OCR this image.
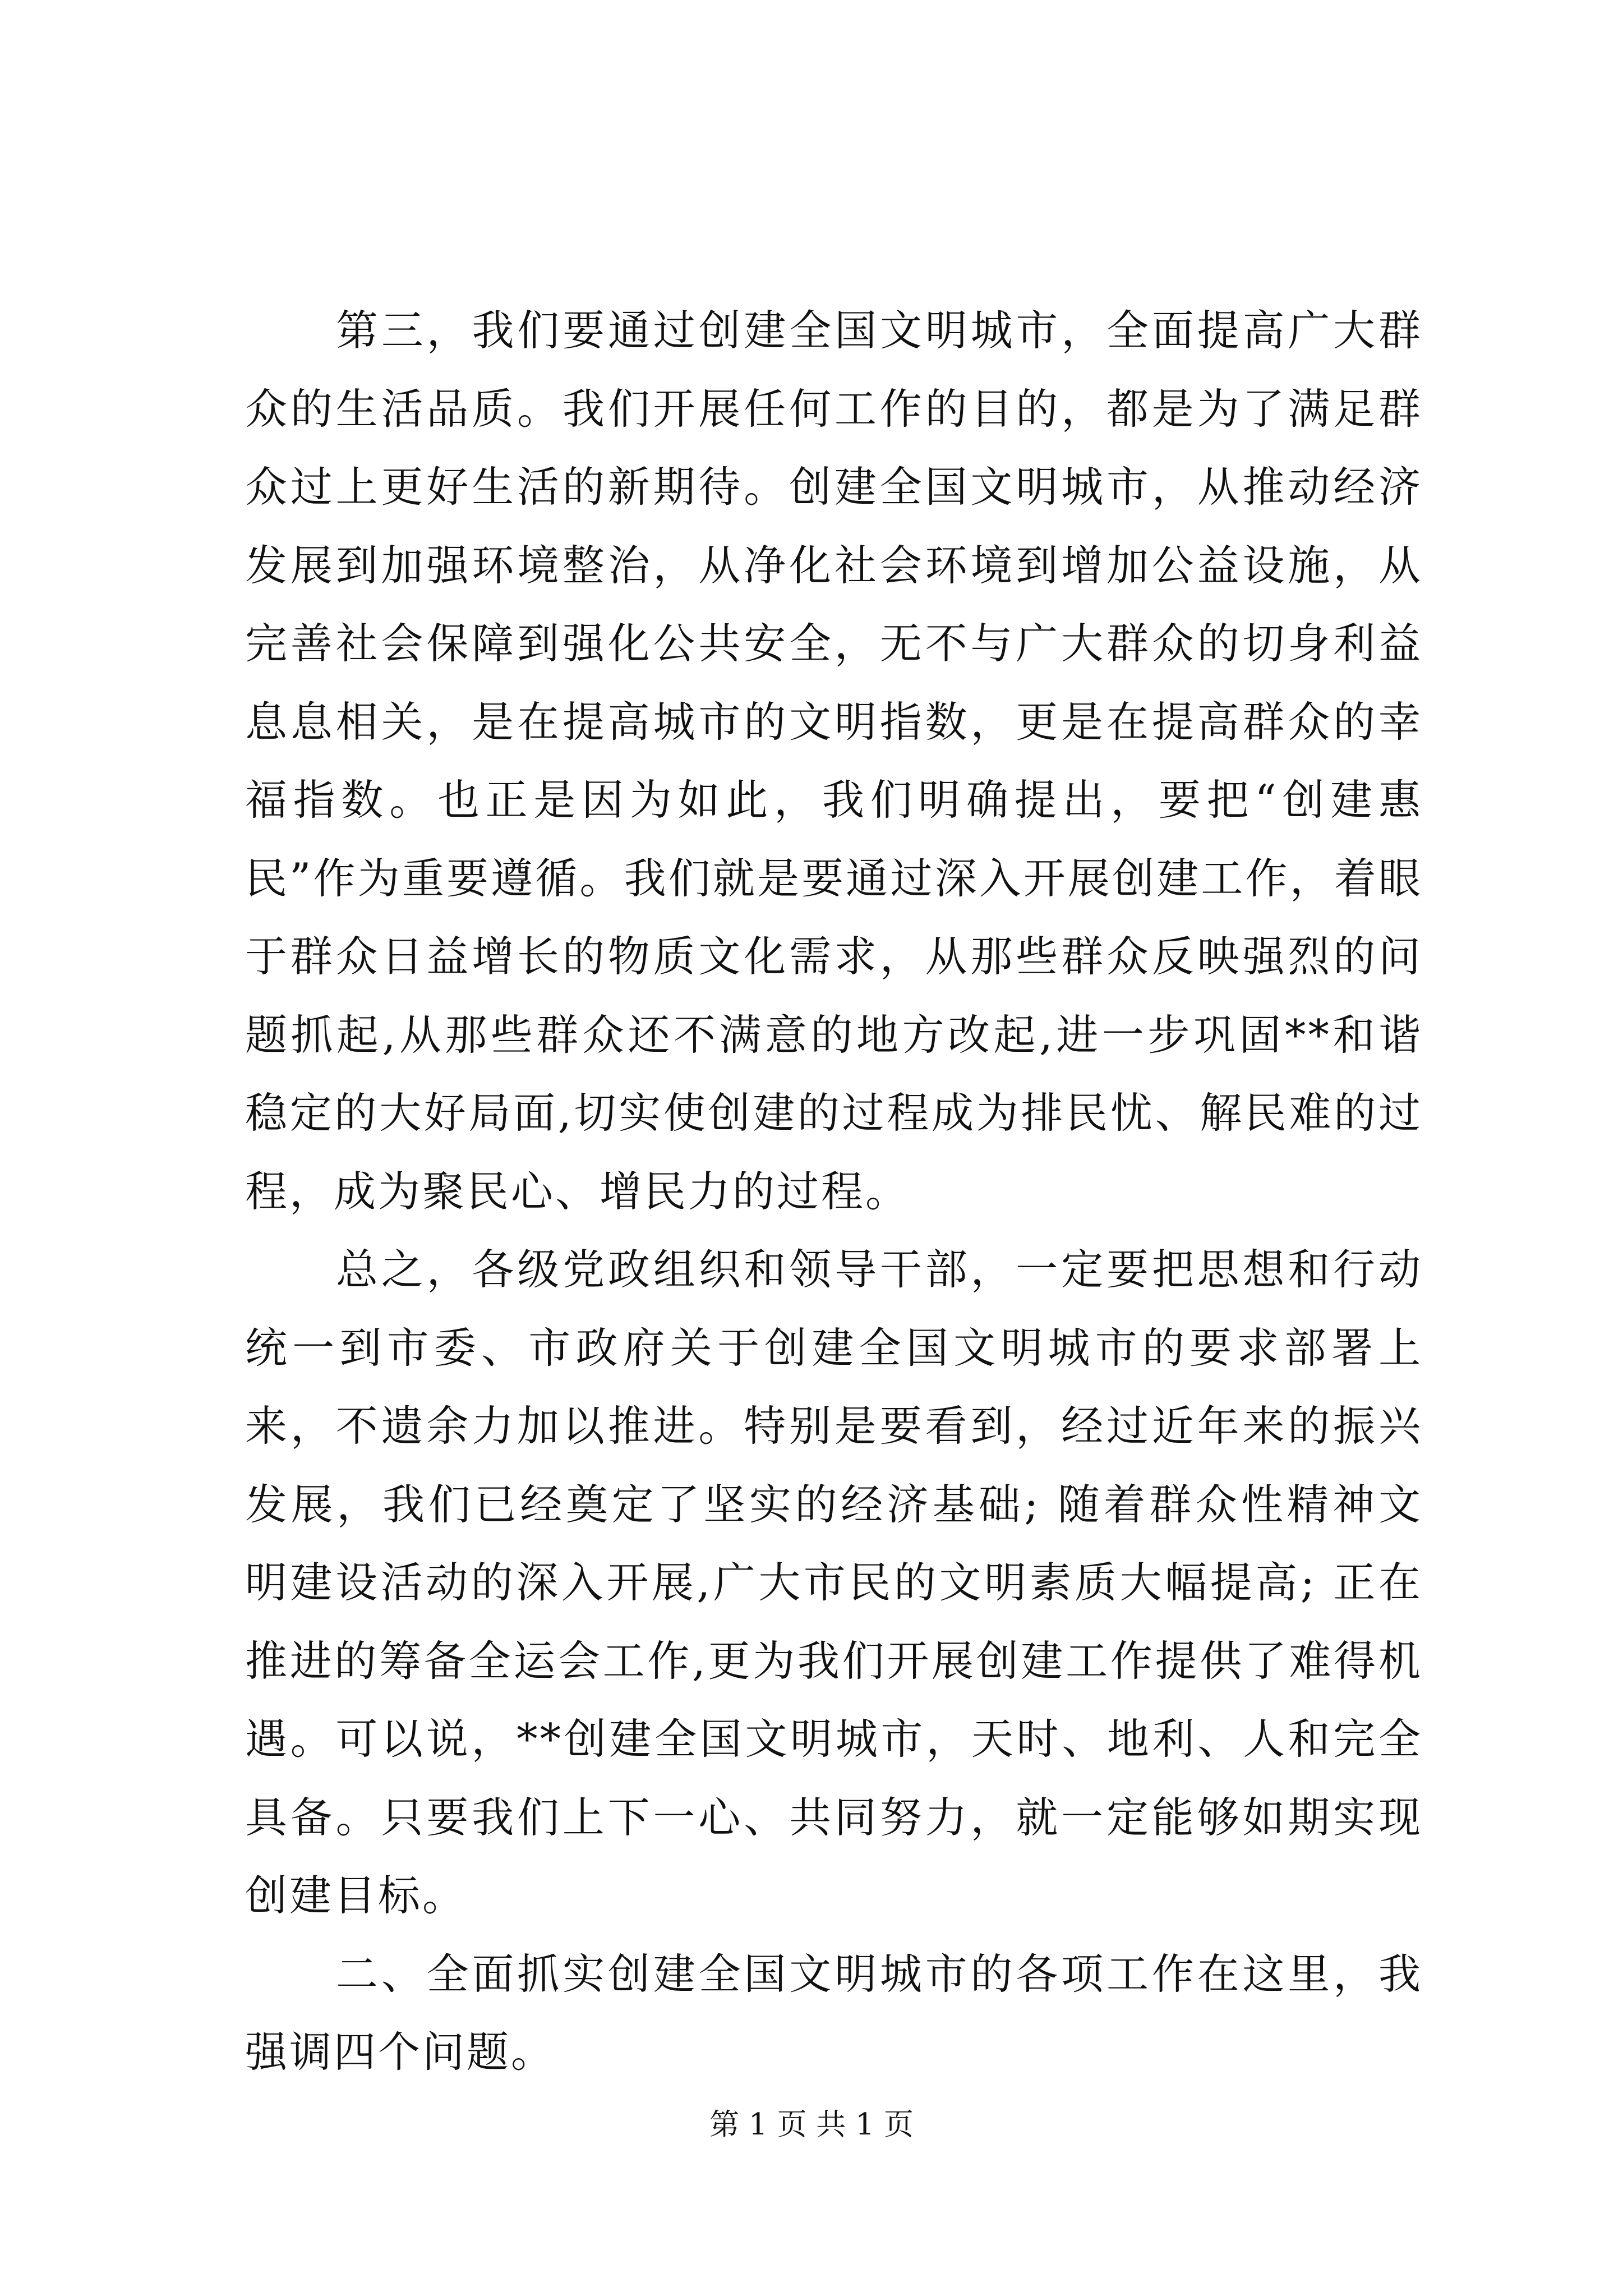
第三，我们要通过创建全国文明城市，全面提高广大群众的生活品质。我们开展任何工作的目的，都是为了满足群众过上更好生活的新期待。创建全国文明城市，从推动经济发展到加强环境整治，从净化社会环境到增加公益设施，从完善社会保障到强化公共安全，无不与广大群众的切身利益息息相关，是在提高城市的文明指数，更是在提高群众的幸福指数。也正是因为如此，我们明确提出，要把“创建惠民”作为重要遵循。我们就是要通过深入开展创建工作，着眼于群众日益增长的物质文化需求，从那些群众反映强烈的问题抓起,从那些群众还不满意的地方改起,进一步巩固**和谐稳定的大好局面,切实使创建的过程成为排民忧、解民难的过程，成为聚民心、增民力的过程。

总之，各级党政组织和领导干部，一定要把思想和行动统一到市委、市政府关于创建全国文明城市的要求部署上来，不遗余力加以推进。特别是要看到，经过近年来的振兴发展，我们已经奠定了坚实的经济基础; 随着群众性精神文明建设活动的深入开展,广大市民的文明素质大幅提高; 正在推进的筹备全运会工作,更为我们开展创建工作提供了难得机遇。可以说，**创建全国文明城市，天时、地利、人和完全具备。只要我们上下一心、共同努力，就一定能够如期实现创建目标。

二、全面抓实创建全国文明城市的各项工作在这里，我强调四个问题。

第 1 页 共 1 页
